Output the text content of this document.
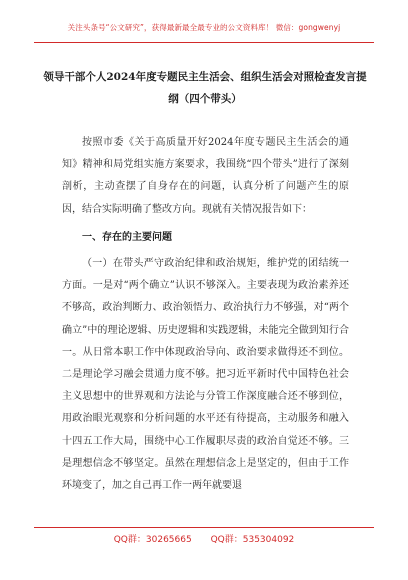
关注头条号“公文研究”，获得最新最全最专业的公文资料库！ 微信：gongwenyj
领导干部个人2024年度专题民主生活会、组织生活会对照检查发言提纲（四个带头）

按照市委《关于高质量开好2024年度专题民主生活会的通知》精神和局党组实施方案要求，我围绕“四个带头”进行了深刻剖析，主动查摆了自身存在的问题，认真分析了问题产生的原因，结合实际明确了整改方向。现就有关情况报告如下：

一、存在的主要问题

（一）在带头严守政治纪律和政治规矩，维护党的团结统一方面。一是对“两个确立”认识不够深入。主要表现为政治素养还不够高，政治判断力、政治领悟力、政治执行力不够强，对“两个确立”中的理论逻辑、历史逻辑和实践逻辑，未能完全做到知行合一。从日常本职工作中体现政治导向、政治要求做得还不到位。二是理论学习融会贯通力度不够。把习近平新时代中国特色社会主义思想中的世界观和方法论与分管工作深度融合还不够到位，用政治眼光观察和分析问题的水平还有待提高，主动服务和融入十四五工作大局，围绕中心工作履职尽责的政治自觉还不够。三是理想信念不够坚定。虽然在理想信念上是坚定的，但由于工作环境变了，加之自己再工作一两年就要退

QQ群：30265665 QQ群：535304092
